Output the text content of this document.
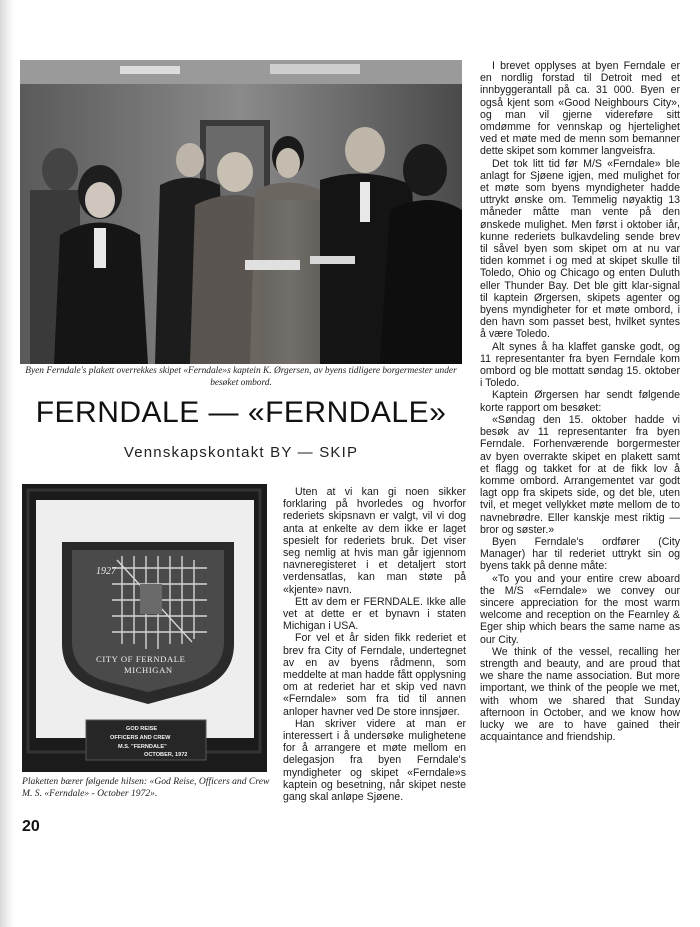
Byen Ferndale's plakett overrekkes skipet «Ferndale»s kaptein K. Ørgersen, av byens tidligere borgermester under besøket ombord.
FERNDALE — «FERNDALE»
Vennskapskontakt BY — SKIP
1927
CITY OF FERNDALE
MICHIGAN
GOD REISE
OFFICERS AND CREW
M.S. "FERNDALE"
OCTOBER, 1972
Plaketten bærer følgende hilsen: «God Reise, Officers and Crew M. S. «Ferndale» - October 1972».
20

Uten at vi kan gi noen sikker forklaring på hvorledes og hvorfor rederiets skipsnavn er valgt, vil vi dog anta at enkelte av dem ikke er laget spesielt for rederiets bruk. Det viser seg nemlig at hvis man går igjennom navneregisteret i et detaljert stort verdensatlas, kan man støte på «kjente» navn.

Ett av dem er FERNDALE. Ikke alle vet at dette er et bynavn i staten Michigan i USA.

For vel et år siden fikk rederiet et brev fra City of Ferndale, undertegnet av en av byens rådmenn, som meddelte at man hadde fått opplysning om at rederiet har et skip ved navn «Ferndale» som fra tid til annen anloper havner ved De store innsjøer.

Han skriver videre at man er interessert i å undersøke mulighetene for å arrangere et møte mellom en delegasjon fra byen Ferndale's myndigheter og skipet «Ferndale»s kaptein og besetning, når skipet neste gang skal anløpe Sjøene.

I brevet opplyses at byen Ferndale er en nordlig forstad til Detroit med et innbyggerantall på ca. 31 000. Byen er også kjent som «Good Neighbours City», og man vil gjerne videreføre sitt omdømme for vennskap og hjertelighet ved et møte med de menn som bemanner dette skipet som kommer langveisfra.

Det tok litt tid før M/S «Ferndale» ble anlagt for Sjøene igjen, med mulighet for et møte som byens myndigheter hadde uttrykt ønske om. Temmelig nøyaktig 13 måneder måtte man vente på den ønskede mulighet. Men først i oktober iår, kunne rederiets bulkavdeling sende brev til såvel byen som skipet om at nu var tiden kommet i og med at skipet skulle til Toledo, Ohio og Chicago og enten Duluth eller Thunder Bay. Det ble gitt klar-signal til kaptein Ørgersen, skipets agenter og byens myndigheter for et møte ombord, i den havn som passet best, hvilket syntes å være Toledo.

Alt synes å ha klaffet ganske godt, og 11 representanter fra byen Ferndale kom ombord og ble mottatt søndag 15. oktober i Toledo.

Kaptein Ørgersen har sendt følgende korte rapport om besøket:

«Søndag den 15. oktober hadde vi besøk av 11 representanter fra byen Ferndale. Forhenværende borgermester av byen overrakte skipet en plakett samt et flagg og takket for at de fikk lov å komme ombord. Arrangementet var godt lagt opp fra skipets side, og det ble, uten tvil, et meget vellykket møte mellom de to navnebrødre. Eller kanskje mest riktig — bror og søster.»

Byen Ferndale's ordfører (City Manager) har til rederiet uttrykt sin og byens takk på denne måte:

«To you and your entire crew aboard the M/S «Ferndale» we convey our sincere appreciation for the most warm welcome and reception on the Fearnley & Eger ship which bears the same name as our City.

We think of the vessel, recalling her strength and beauty, and are proud that we share the name association. But more important, we think of the people we met, with whom we shared that Sunday afternoon in October, and we know how lucky we are to have gained their acquaintance and friendship.
